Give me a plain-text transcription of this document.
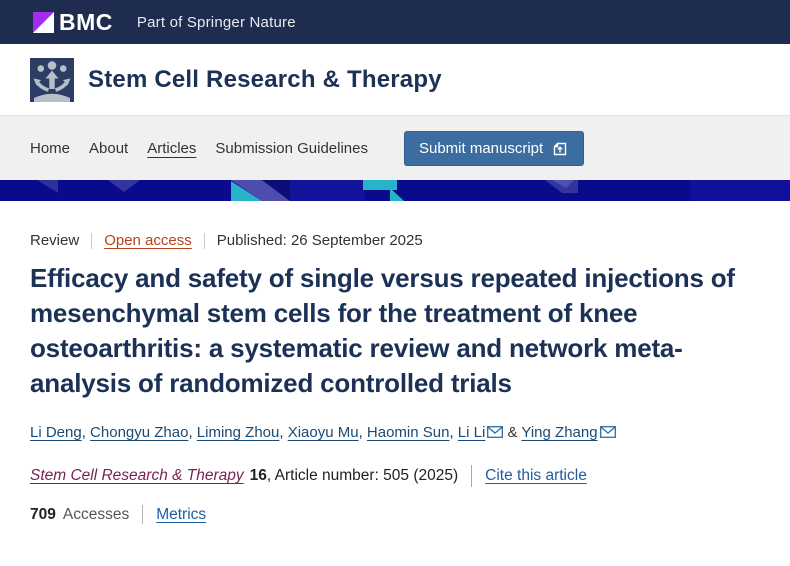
BMC Part of Springer Nature
Stem Cell Research & Therapy
Home About Articles Submission Guidelines	Submit manuscript
Review Open access Published: 26 September 2025
Efficacy and safety of single versus repeated injections of mesenchymal stem cells for the treatment of knee osteoarthritis: a systematic review and network meta-analysis of randomized controlled trials
Li Deng, Chongyu Zhao, Liming Zhou, Xiaoyu Mu, Haomin Sun, Li Li & Ying Zhang
Stem Cell Research & Therapy 16 , Article number: 505 (2025) Cite this article
709 Accesses Metrics
